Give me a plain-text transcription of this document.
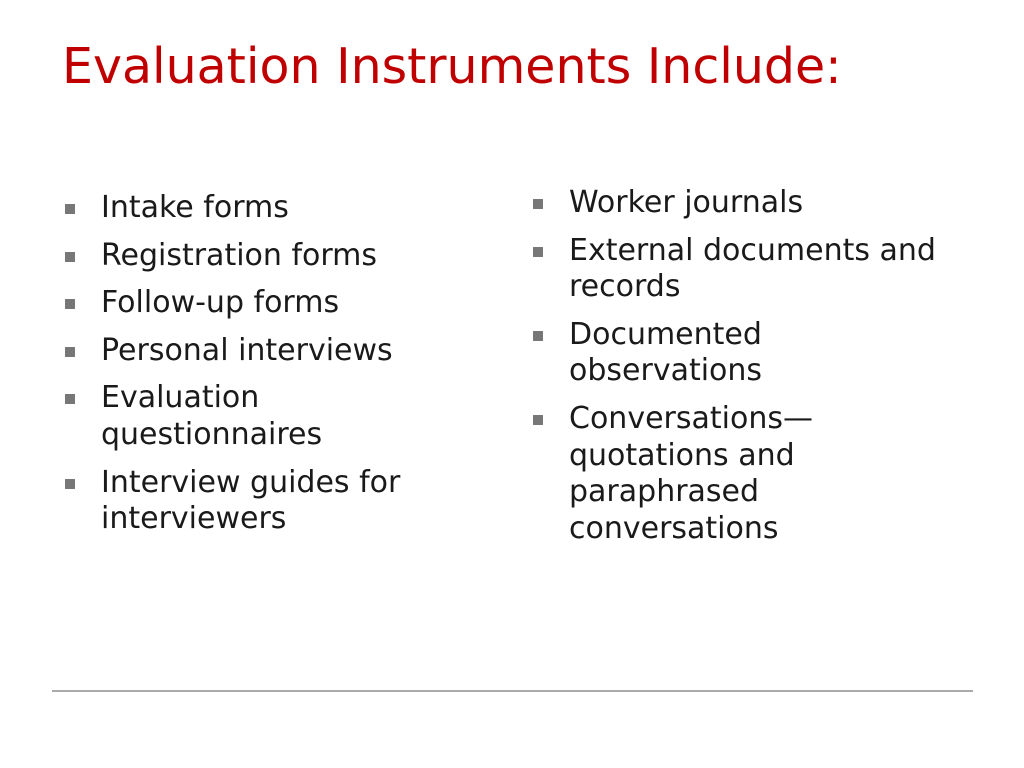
Evaluation Instruments Include:
Intake forms
Registration forms
Follow-up forms
Personal interviews
Evaluation questionnaires
Interview guides for interviewers
Worker journals
External documents and records
Documented observations
Conversations—quotations and paraphrased conversations
